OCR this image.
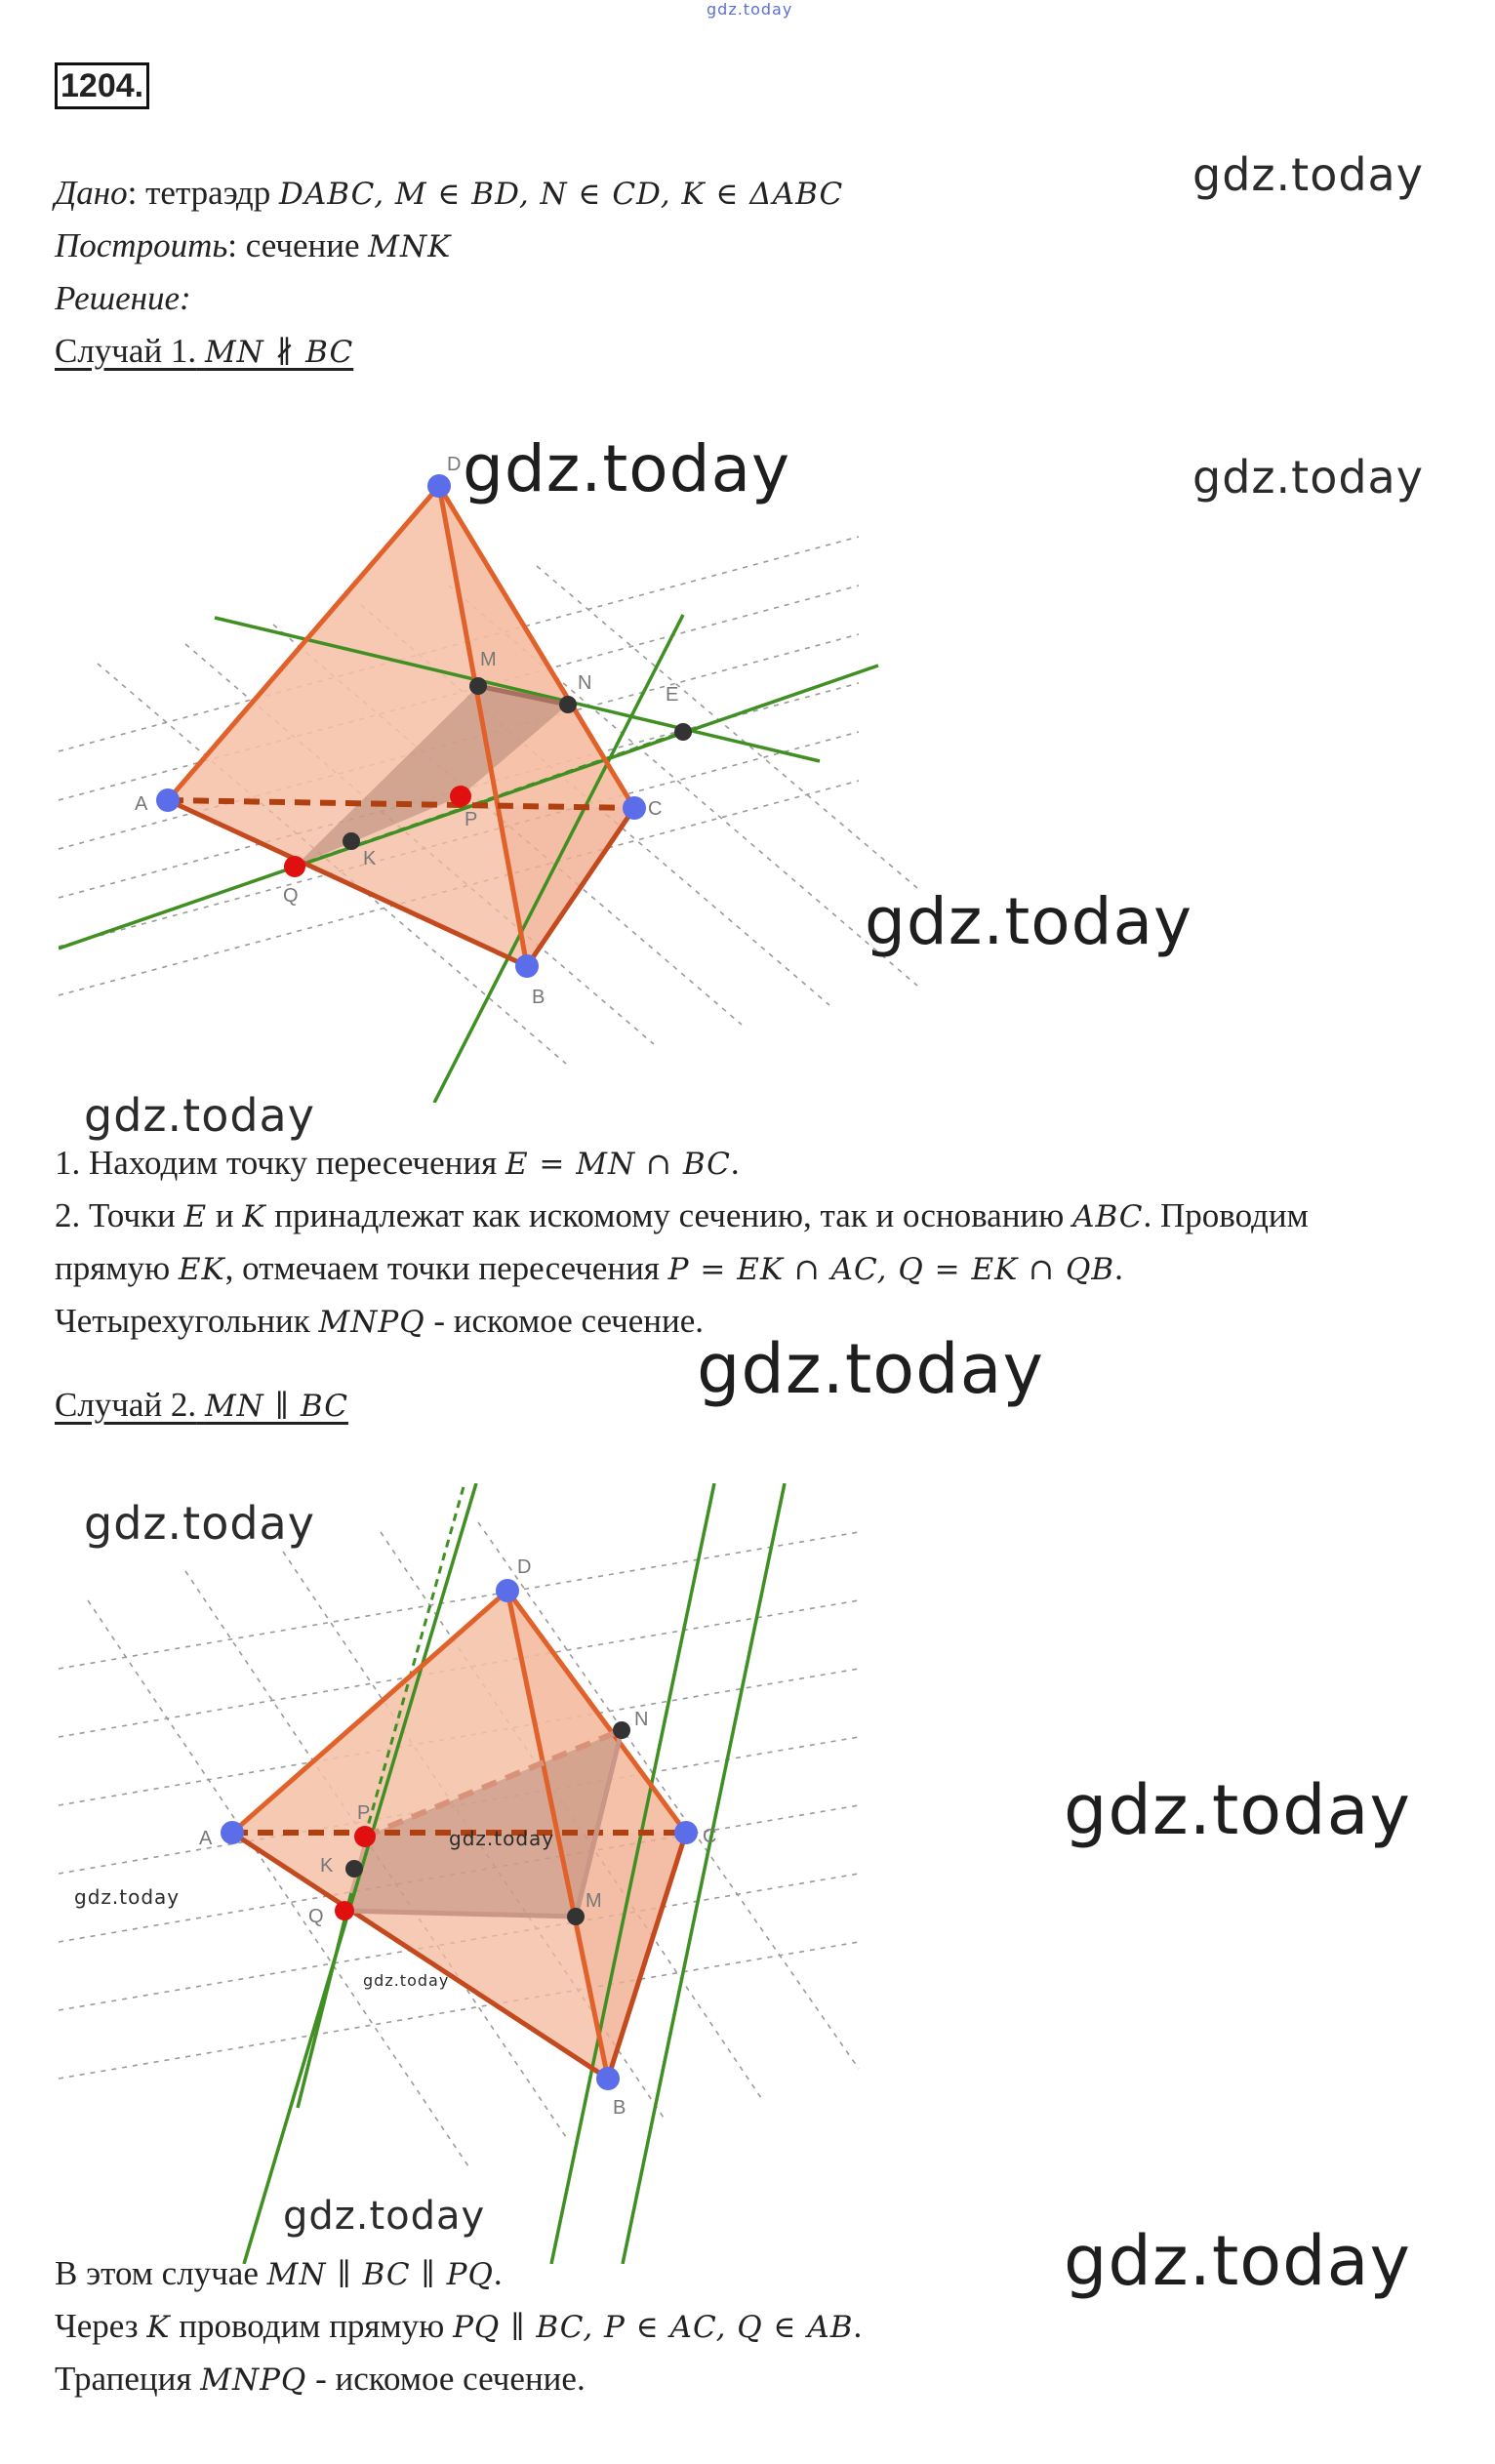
gdz.today
1204.
Дано: тетраэдр DABC, M ∈ BD, N ∈ CD, K ∈ ΔABC
Построить: сечение MNK
Решение:
Случай 1. MN ∦ BC
D
A
B
C
M
N
E
P
K
Q
gdz.today
gdz.today	gdz.today
gdz.today
gdz.today
1. Находим точку пересечения E = MN ∩ BC.
2. Точки E и K принадлежат как искомому сечению, так и основанию ABC. Проводим
прямую EK, отмечаем точки пересечения P = EK ∩ AC, Q = EK ∩ QB.
Четырехугольник MNPQ - искомое сечение.
gdz.today
Случай 2. MN ∥ BC
D
A
B
C
M
N
P
K
Q
gdz.today
gdz.today
gdz.today
gdz.today
gdz.today
gdz.today
gdz.today
В этом случае MN ∥ BC ∥ PQ.
Через K проводим прямую PQ ∥ BC, P ∈ AC, Q ∈ AB.
Трапеция MNPQ - искомое сечение.
